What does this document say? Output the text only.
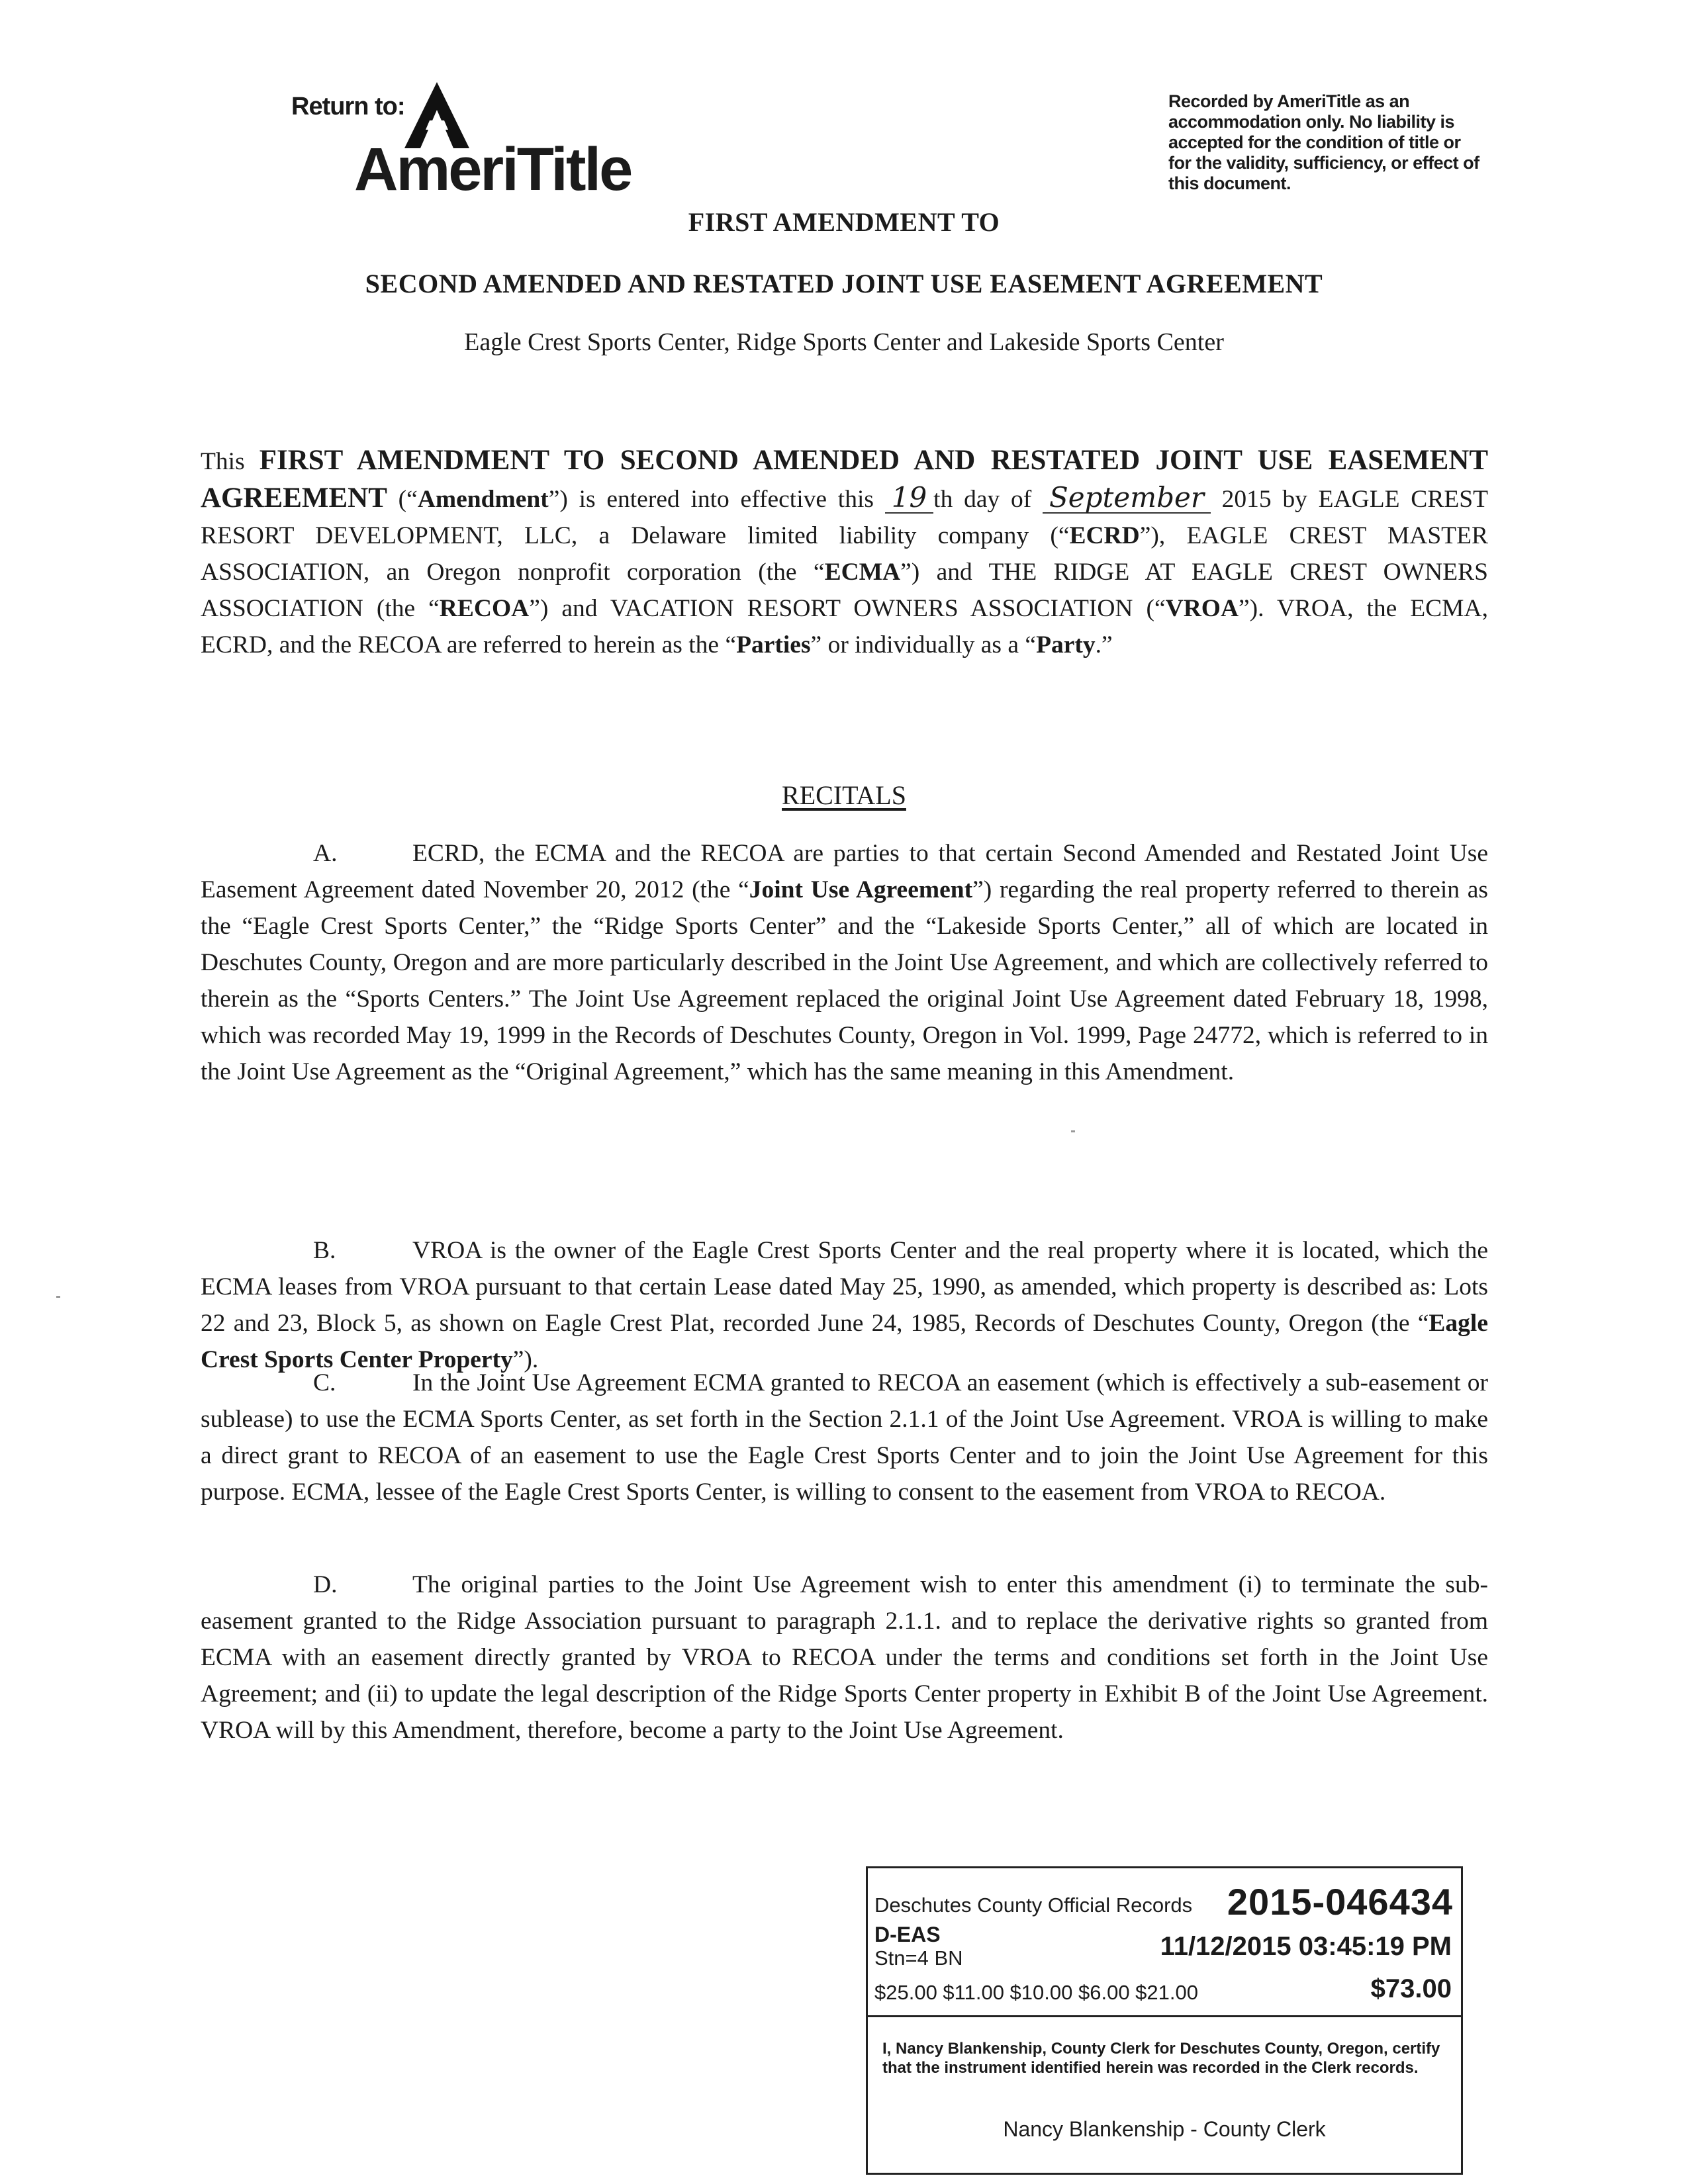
Return to:
AmeriTitle
Recorded by AmeriTitle as an accommodation only. No liability is accepted for the condition of title or for the validity, sufficiency, or effect of this document.
FIRST AMENDMENT TO
SECOND AMENDED AND RESTATED JOINT USE EASEMENT AGREEMENT
Eagle Crest Sports Center, Ridge Sports Center and Lakeside Sports Center
This FIRST AMENDMENT TO SECOND AMENDED AND RESTATED JOINT USE EASEMENT AGREEMENT (“Amendment”) is entered into effective this 19 th day of September 2015 by EAGLE CREST RESORT DEVELOPMENT, LLC, a Delaware limited liability company (“ECRD”), EAGLE CREST MASTER ASSOCIATION, an Oregon nonprofit corporation (the “ECMA”) and THE RIDGE AT EAGLE CREST OWNERS ASSOCIATION (the “RECOA”) and VACATION RESORT OWNERS ASSOCIATION (“VROA”). VROA, the ECMA, ECRD, and the RECOA are referred to herein as the “Parties” or individually as a “Party.”
RECITALS
A.	ECRD, the ECMA and the RECOA are parties to that certain Second Amended and Restated Joint Use Easement Agreement dated November 20, 2012 (the “Joint Use Agreement”) regarding the real property referred to therein as the “Eagle Crest Sports Center,” the “Ridge Sports Center” and the “Lakeside Sports Center,” all of which are located in Deschutes County, Oregon and are more particularly described in the Joint Use Agreement, and which are collectively referred to therein as the “Sports Centers.” The Joint Use Agreement replaced the original Joint Use Agreement dated February 18, 1998, which was recorded May 19, 1999 in the Records of Deschutes County, Oregon in Vol. 1999, Page 24772, which is referred to in the Joint Use Agreement as the “Original Agreement,” which has the same meaning in this Amendment.
B.	VROA is the owner of the Eagle Crest Sports Center and the real property where it is located, which the ECMA leases from VROA pursuant to that certain Lease dated May 25, 1990, as amended, which property is described as: Lots 22 and 23, Block 5, as shown on Eagle Crest Plat, recorded June 24, 1985, Records of Deschutes County, Oregon (the “Eagle Crest Sports Center Property”).
C.	In the Joint Use Agreement ECMA granted to RECOA an easement (which is effectively a sub-easement or sublease) to use the ECMA Sports Center, as set forth in the Section 2.1.1 of the Joint Use Agreement. VROA is willing to make a direct grant to RECOA of an easement to use the Eagle Crest Sports Center and to join the Joint Use Agreement for this purpose. ECMA, lessee of the Eagle Crest Sports Center, is willing to consent to the easement from VROA to RECOA.
D.	The original parties to the Joint Use Agreement wish to enter this amendment (i) to terminate the sub-easement granted to the Ridge Association pursuant to paragraph 2.1.1. and to replace the derivative rights so granted from ECMA with an easement directly granted by VROA to RECOA under the terms and conditions set forth in the Joint Use Agreement; and (ii) to update the legal description of the Ridge Sports Center property in Exhibit B of the Joint Use Agreement. VROA will by this Amendment, therefore, become a party to the Joint Use Agreement.
Deschutes County Official Records 2015-046434
D-EAS
Stn=4 BN	11/12/2015 03:45:19 PM
$25.00 $11.00 $10.00 $6.00 $21.00	$73.00
I, Nancy Blankenship, County Clerk for Deschutes County, Oregon, certify that the instrument identified herein was recorded in the Clerk records.
Nancy Blankenship - County Clerk
